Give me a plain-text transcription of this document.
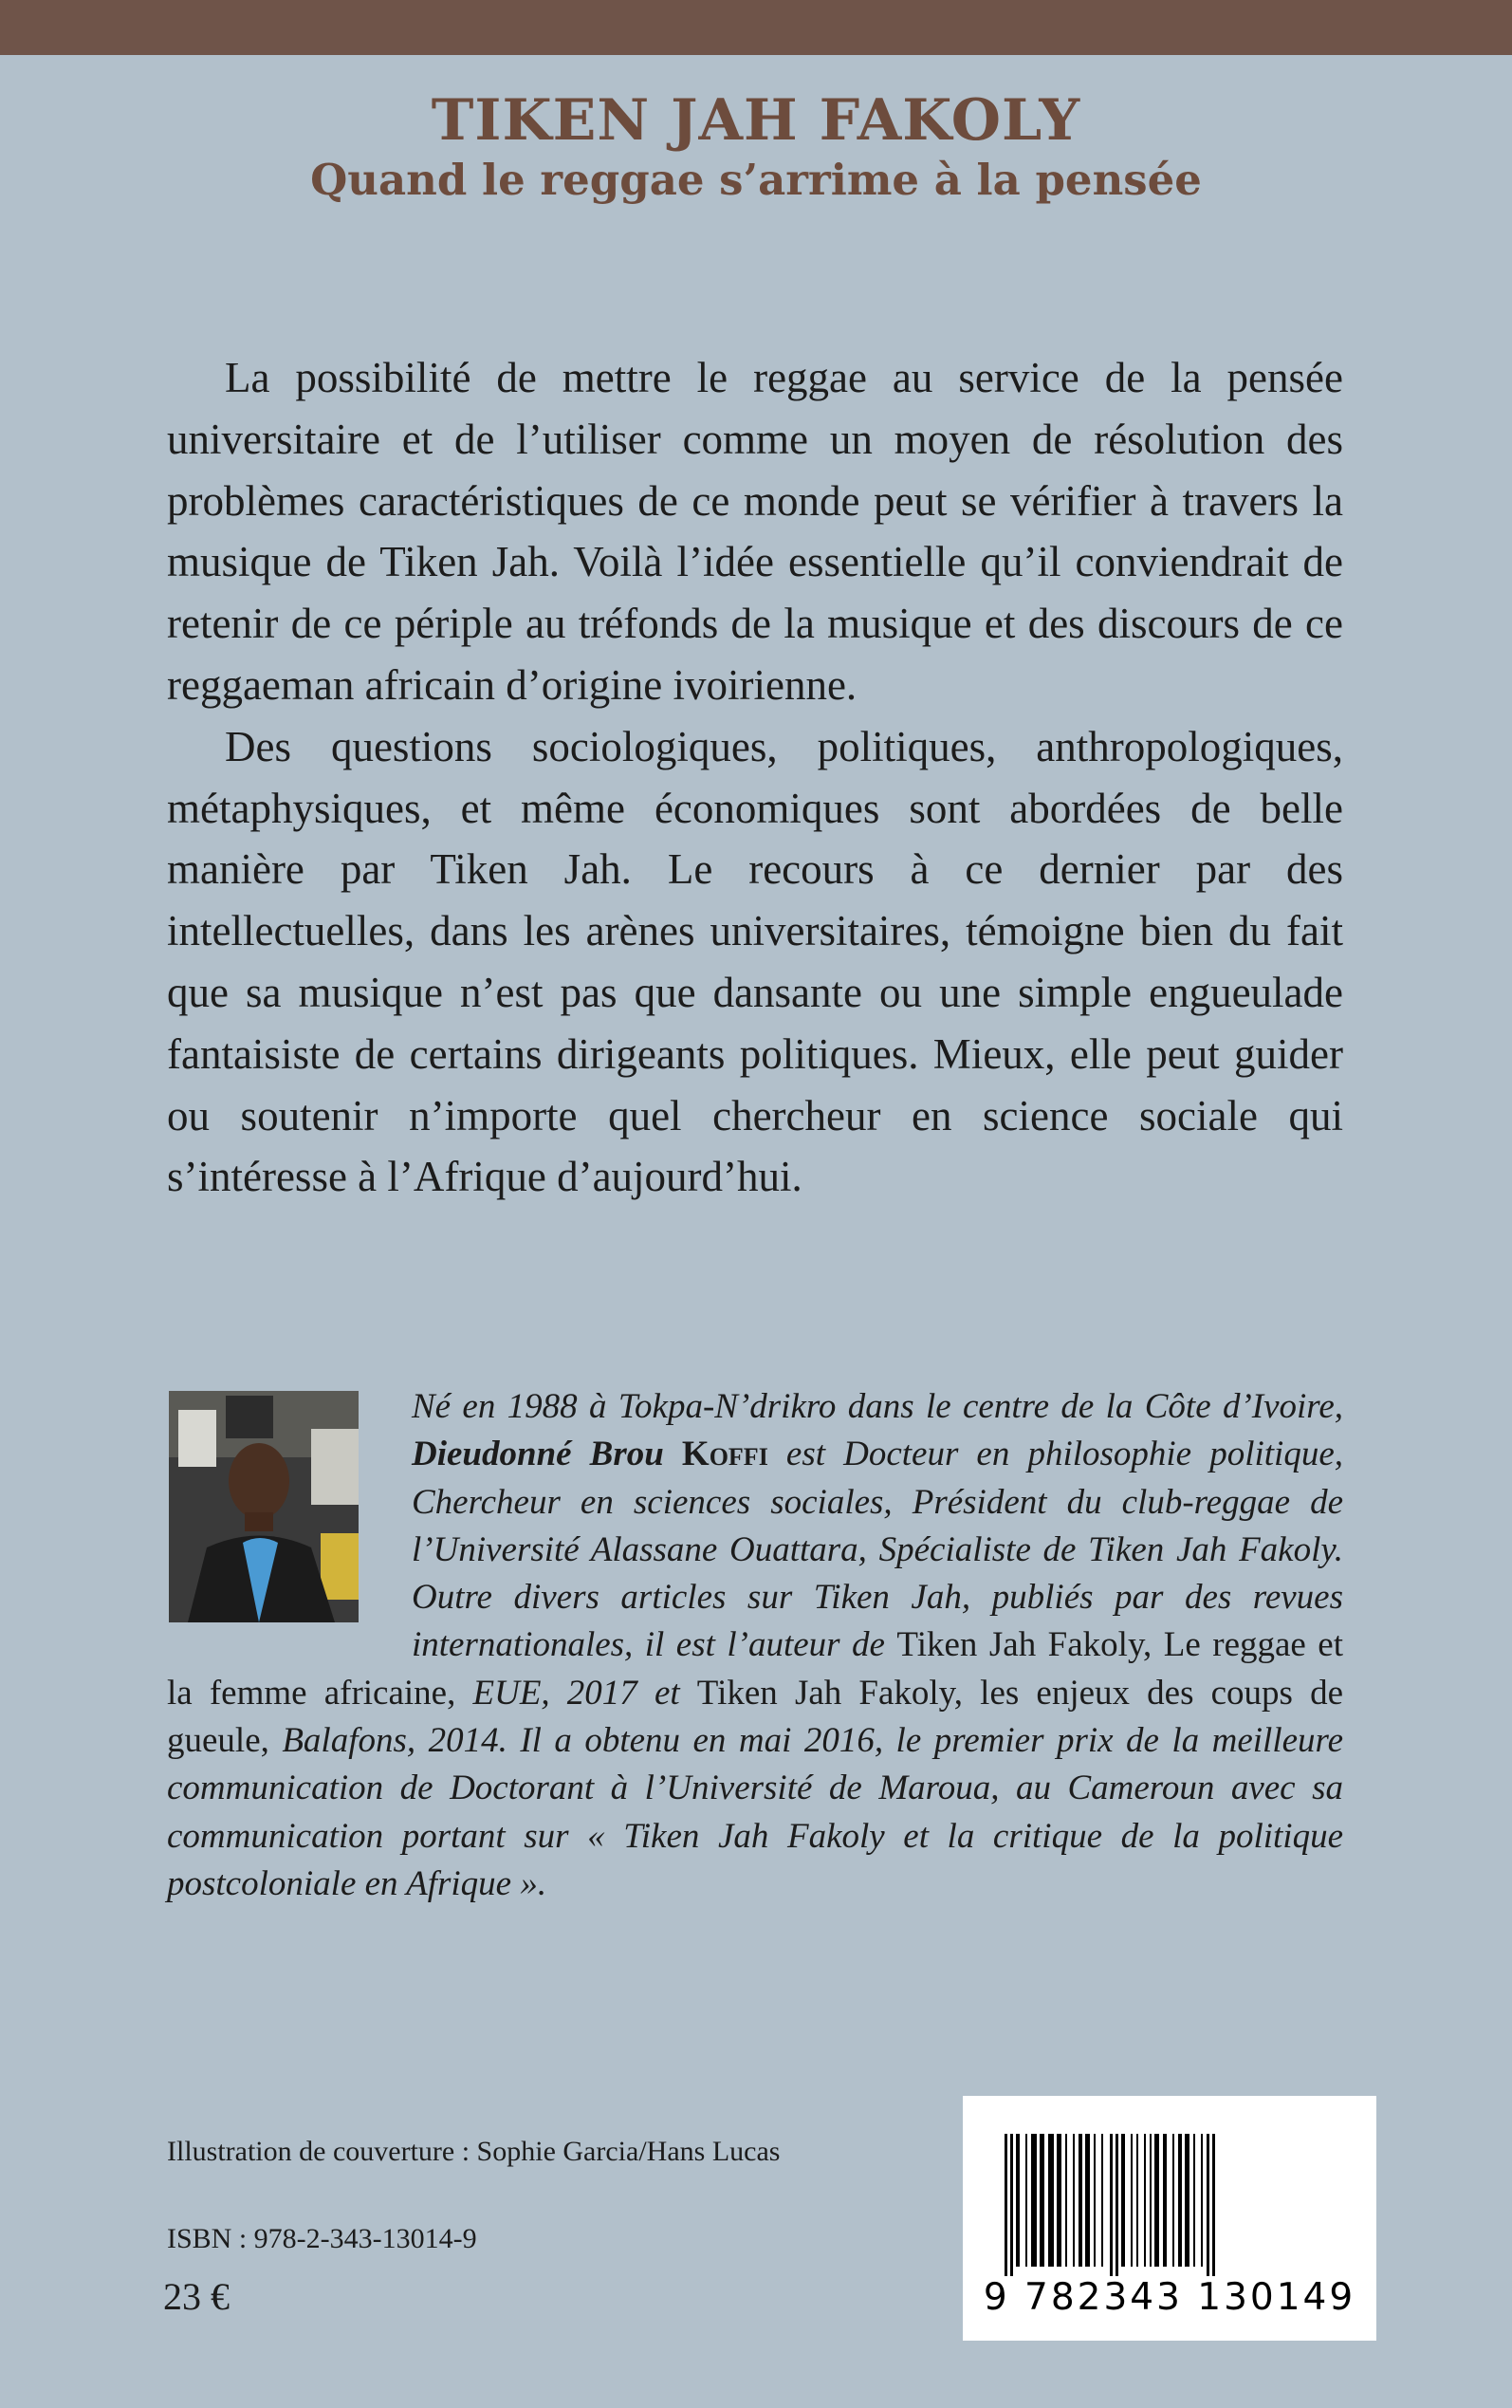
TIKEN JAH FAKOLY
Quand le reggae s’arrime à la pensée

La possibilité de mettre le reggae au service de la pensée universitaire et de l’utiliser comme un moyen de résolution des problèmes caractéristiques de ce monde peut se vérifier à travers la musique de Tiken Jah. Voilà l’idée essentielle qu’il conviendrait de retenir de ce périple au tréfonds de la musique et des discours de ce reggaeman africain d’origine ivoirienne.

Des questions sociologiques, politiques, anthropologiques, métaphysiques, et même économiques sont abordées de belle manière par Tiken Jah. Le recours à ce dernier par des intellectuelles, dans les arènes universitaires, témoigne bien du fait que sa musique n’est pas que dansante ou une simple engueulade fantaisiste de certains dirigeants politiques. Mieux, elle peut guider ou soutenir n’importe quel chercheur en science sociale qui s’intéresse à l’Afrique d’aujourd’hui.

Né en 1988 à Tokpa-N’drikro dans le centre de la Côte d’Ivoire, Dieudonné Brou Koffi est Docteur en philosophie politique, Chercheur en sciences sociales, Président du club-reggae de l’Université Alassane Ouattara, Spécialiste de Tiken Jah Fakoly. Outre divers articles sur Tiken Jah, publiés par des revues internationales, il est l’auteur de Tiken Jah Fakoly, Le reggae et la femme africaine, EUE, 2017 et Tiken Jah Fakoly, les enjeux des coups de gueule, Balafons, 2014. Il a obtenu en mai 2016, le premier prix de la meilleure communication de Doctorant à l’Université de Maroua, au Cameroun avec sa communication portant sur « Tiken Jah Fakoly et la critique de la politique postcoloniale en Afrique ».
Illustration de couverture : Sophie Garcia/Hans Lucas
ISBN : 978-2-343-13014-9
23 €	9 782343 130149
